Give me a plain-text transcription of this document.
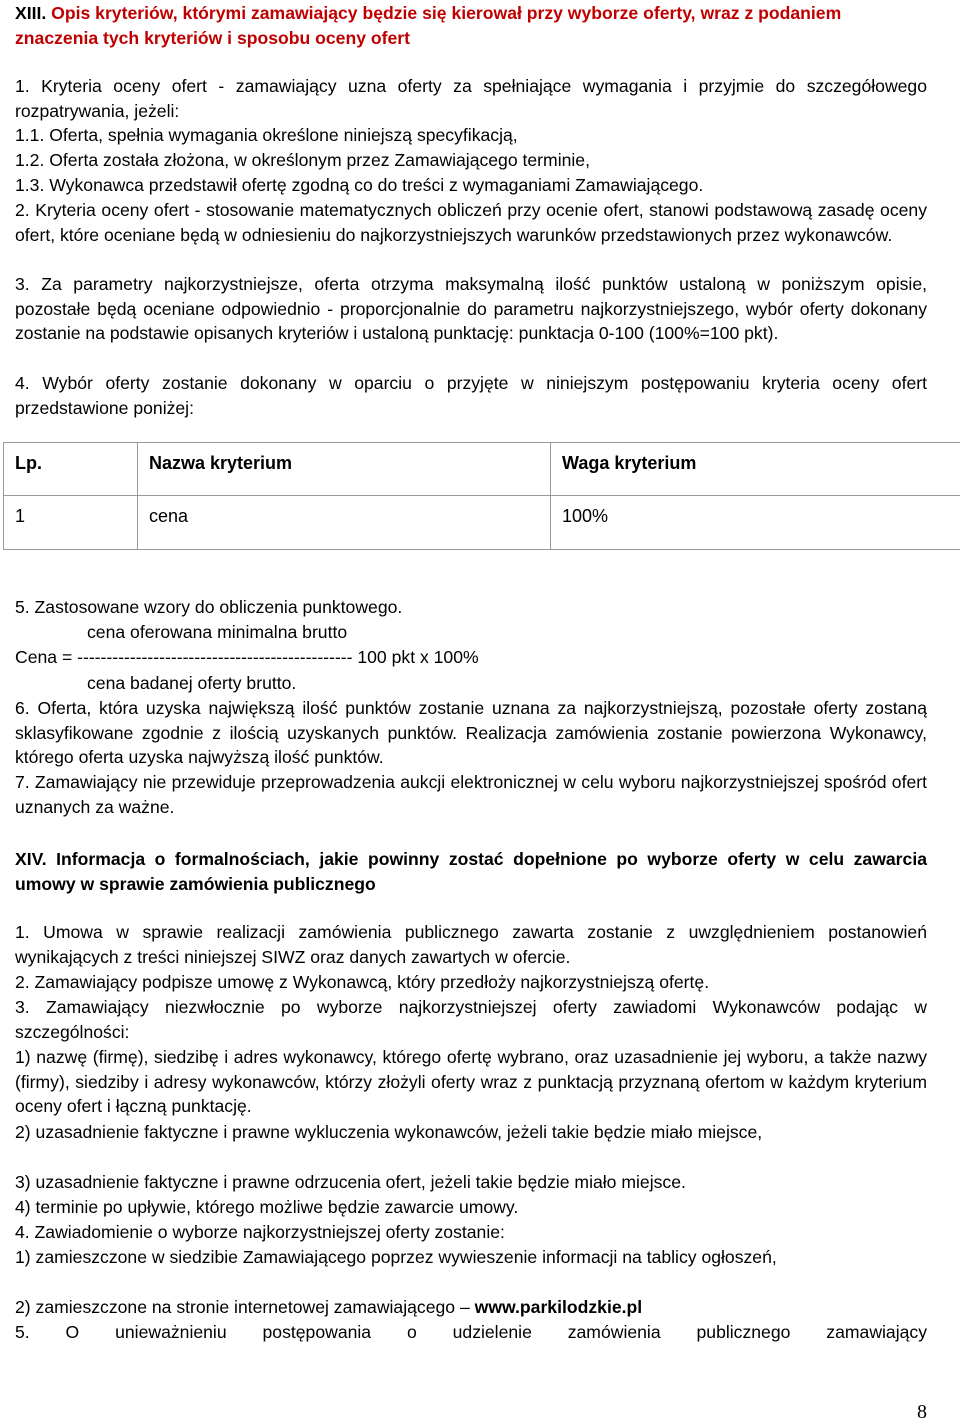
XIII. Opis kryteriów, którymi zamawiający będzie się kierował przy wyborze oferty, wraz z podaniem znaczenia tych kryteriów i sposobu oceny ofert

1. Kryteria oceny ofert - zamawiający uzna oferty za spełniające wymagania i przyjmie do szczegółowego rozpatrywania, jeżeli:

1.1. Oferta, spełnia wymagania określone niniejszą specyfikacją,

1.2. Oferta została złożona, w określonym przez Zamawiającego terminie,

1.3. Wykonawca przedstawił ofertę zgodną co do treści z wymaganiami Zamawiającego.

2. Kryteria oceny ofert - stosowanie matematycznych obliczeń przy ocenie ofert, stanowi podstawową zasadę oceny ofert, które oceniane będą w odniesieniu do najkorzystniejszych warunków przedstawionych przez wykonawców.

3. Za parametry najkorzystniejsze, oferta otrzyma maksymalną ilość punktów ustaloną w poniższym opisie, pozostałe będą oceniane odpowiednio - proporcjonalnie do parametru najkorzystniejszego, wybór oferty dokonany zostanie na podstawie opisanych kryteriów i ustaloną punktację: punktacja 0-100 (100%=100 pkt).

4. Wybór oferty zostanie dokonany w oparciu o przyjęte w niniejszym postępowaniu kryteria oceny ofert przedstawione poniżej:

Lp.	Nazwa kryterium	Waga kryterium
1	cena	100%

5. Zastosowane wzory do obliczenia punktowego.

cena oferowana minimalna brutto

Cena = ----------------------------------------------- 100 pkt x 100%

cena badanej oferty brutto.

6. Oferta, która uzyska największą ilość punktów zostanie uznana za najkorzystniejszą, pozostałe oferty zostaną sklasyfikowane zgodnie z ilością uzyskanych punktów. Realizacja zamówienia zostanie powierzona Wykonawcy, którego oferta uzyska najwyższą ilość punktów.

7. Zamawiający nie przewiduje przeprowadzenia aukcji elektronicznej w celu wyboru najkorzystniejszej spośród ofert uznanych za ważne.

XIV. Informacja o formalnościach, jakie powinny zostać dopełnione po wyborze oferty w celu zawarcia umowy w sprawie zamówienia publicznego

1. Umowa w sprawie realizacji zamówienia publicznego zawarta zostanie z uwzględnieniem postanowień wynikających z treści niniejszej SIWZ oraz danych zawartych w ofercie.

2. Zamawiający podpisze umowę z Wykonawcą, który przedłoży najkorzystniejszą ofertę.

3. Zamawiający niezwłocznie po wyborze najkorzystniejszej oferty zawiadomi Wykonawców podając w szczególności:

1) nazwę (firmę), siedzibę i adres wykonawcy, którego ofertę wybrano, oraz uzasadnienie jej wyboru, a także nazwy (firmy), siedziby i adresy wykonawców, którzy złożyli oferty wraz z punktacją przyznaną ofertom w każdym kryterium oceny ofert i łączną punktację.

2) uzasadnienie faktyczne i prawne wykluczenia wykonawców, jeżeli takie będzie miało miejsce,

3) uzasadnienie faktyczne i prawne odrzucenia ofert, jeżeli takie będzie miało miejsce.

4) terminie po upływie, którego możliwe będzie zawarcie umowy.

4. Zawiadomienie o wyborze najkorzystniejszej oferty zostanie:

1) zamieszczone w siedzibie Zamawiającego poprzez wywieszenie informacji na tablicy ogłoszeń,

2) zamieszczone na stronie internetowej zamawiającego – www.parkilodzkie.pl

5. O unieważnieniu postępowania o udzielenie zamówienia publicznego zamawiający

8
